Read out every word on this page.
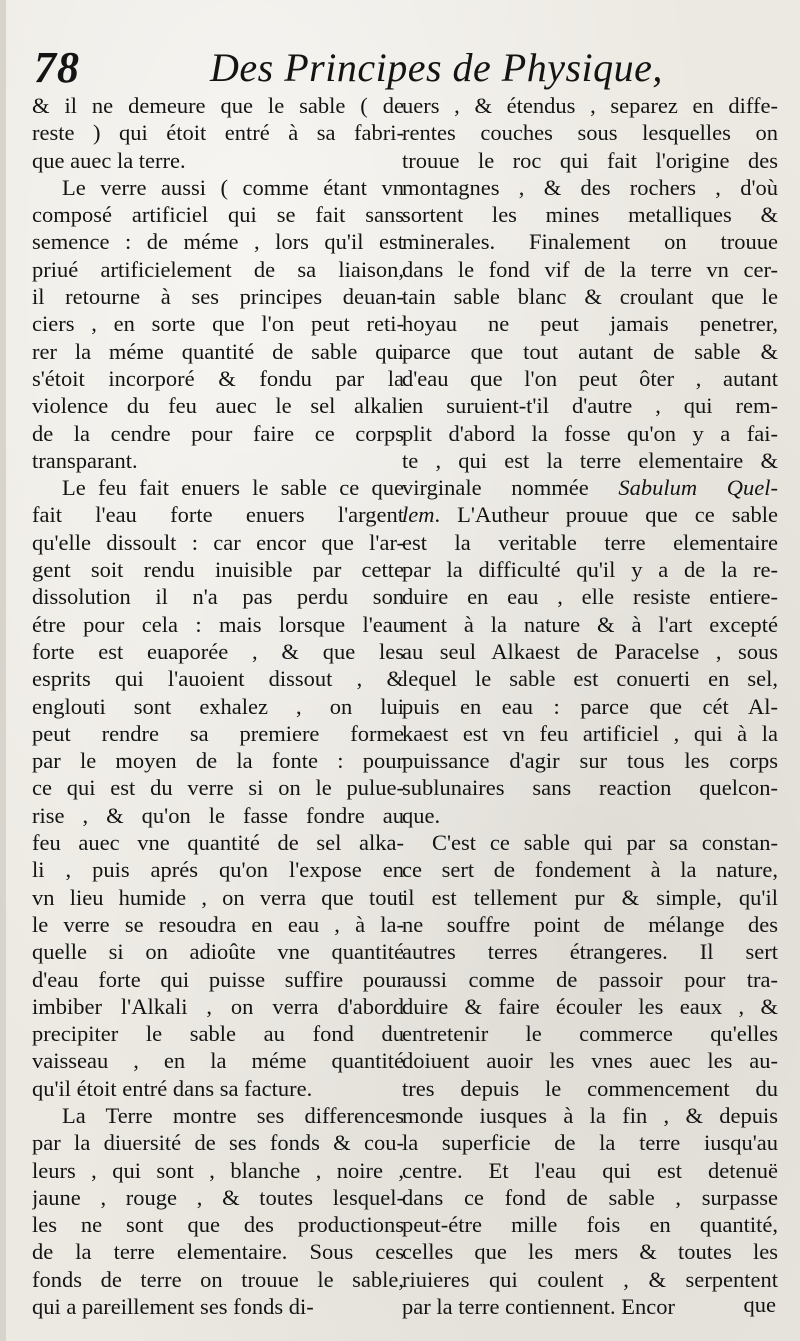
78	Des Principes de Physique,
& il ne demeure que le sable ( de
reste ) qui étoit entré à sa fabri-
que auec la terre.
Le verre aussi ( comme étant vn
composé artificiel qui se fait sans
semence : de méme , lors qu'il est
priué artificielement de sa liaison,
il retourne à ses principes deuan-
ciers , en sorte que l'on peut reti-
rer la méme quantité de sable qui
s'étoit incorporé & fondu par la
violence du feu auec le sel alkali
de la cendre pour faire ce corps
transparant.
Le feu fait enuers le sable ce que
fait l'eau forte enuers l'argent
qu'elle dissoult : car encor que l'ar-
gent soit rendu inuisible par cette
dissolution il n'a pas perdu son
étre pour cela : mais lorsque l'eau
forte est euaporée , & que les
esprits qui l'auoient dissout , &
englouti sont exhalez , on lui
peut rendre sa premiere forme
par le moyen de la fonte : pour
ce qui est du verre si on le pulue-
rise , & qu'on le fasse fondre au
feu auec vne quantité de sel alka-
li , puis aprés qu'on l'expose en
vn lieu humide , on verra que tout
le verre se resoudra en eau , à la-
quelle si on adioûte vne quantité
d'eau forte qui puisse suffire pour
imbiber l'Alkali , on verra d'abord
precipiter le sable au fond du
vaisseau , en la méme quantité
qu'il étoit entré dans sa facture.
La Terre montre ses differences
par la diuersité de ses fonds & cou-
leurs , qui sont , blanche , noire ,
jaune , rouge , & toutes lesquel-
les ne sont que des productions
de la terre elementaire. Sous ces
fonds de terre on trouue le sable,
qui a pareillement ses fonds di-
uers , & étendus , separez en diffe-
rentes couches sous lesquelles on
trouue le roc qui fait l'origine des
montagnes , & des rochers , d'où
sortent les mines metalliques &
minerales. Finalement on trouue
dans le fond vif de la terre vn cer-
tain sable blanc & croulant que le
hoyau ne peut jamais penetrer,
parce que tout autant de sable &
d'eau que l'on peut ôter , autant
en suruient-t'il d'autre , qui rem-
plit d'abord la fosse qu'on y a fai-
te , qui est la terre elementaire &
virginale nommée Sabulum Quel-
lem. L'Autheur prouue que ce sable
est la veritable terre elementaire
par la difficulté qu'il y a de la re-
duire en eau , elle resiste entiere-
ment à la nature & à l'art excepté
au seul Alkaest de Paracelse , sous
lequel le sable est conuerti en sel,
puis en eau : parce que cét Al-
kaest est vn feu artificiel , qui à la
puissance d'agir sur tous les corps
sublunaires sans reaction quelcon-
que.
C'est ce sable qui par sa constan-
ce sert de fondement à la nature,
il est tellement pur & simple, qu'il
ne souffre point de mélange des
autres terres étrangeres. Il sert
aussi comme de passoir pour tra-
duire & faire écouler les eaux , &
entretenir le commerce qu'elles
doiuent auoir les vnes auec les au-
tres depuis le commencement du
monde iusques à la fin , & depuis
la superficie de la terre iusqu'au
centre. Et l'eau qui est detenuë
dans ce fond de sable , surpasse
peut-étre mille fois en quantité,
celles que les mers & toutes les
riuieres qui coulent , & serpentent
par la terre contiennent. Encor	que
